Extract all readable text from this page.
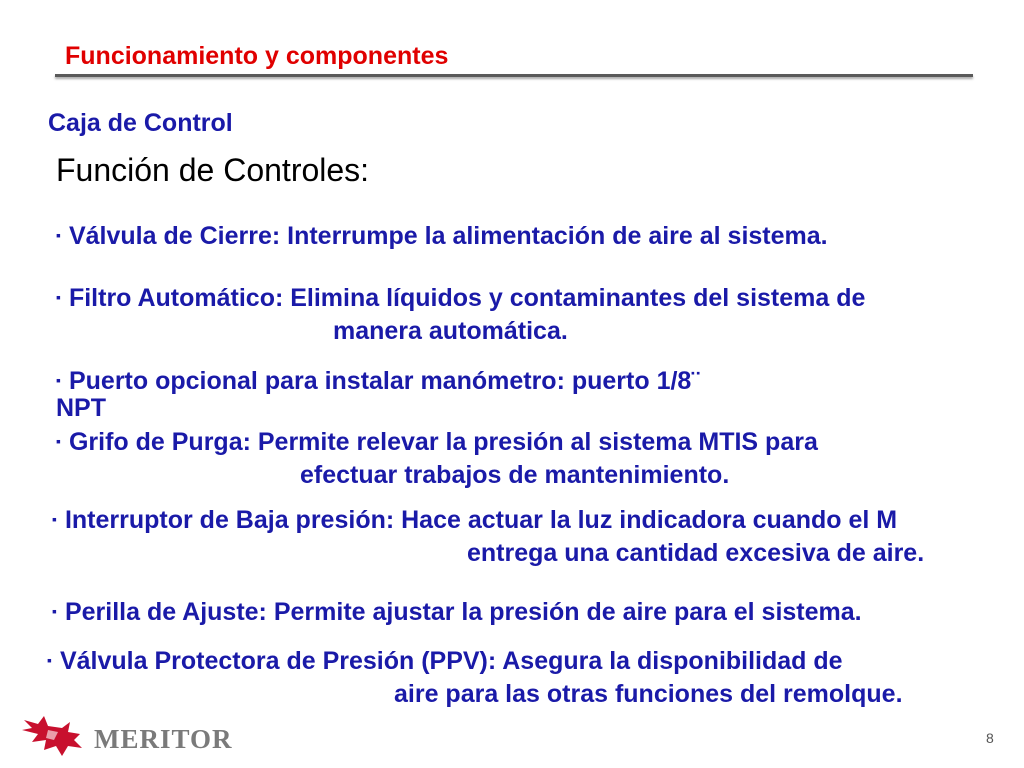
Funcionamiento y componentes
Caja de Control
Función de Controles:
▪ Válvula de Cierre: Interrumpe la alimentación de aire al sistema.
▪ Filtro Automático: Elimina líquidos y contaminantes del sistema de
manera automática.
▪ Puerto opcional para instalar manómetro: puerto 1/8¨
NPT
▪ Grifo de Purga: Permite relevar la presión al sistema MTIS para
efectuar trabajos de mantenimiento.
▪ Interruptor de Baja presión: Hace actuar la luz indicadora cuando el M
entrega una cantidad excesiva de aire.
▪ Perilla de Ajuste: Permite ajustar la presión de aire para el sistema.
▪ Válvula Protectora de Presión (PPV): Asegura la disponibilidad de
aire para las otras funciones del remolque.
MERITOR	8
